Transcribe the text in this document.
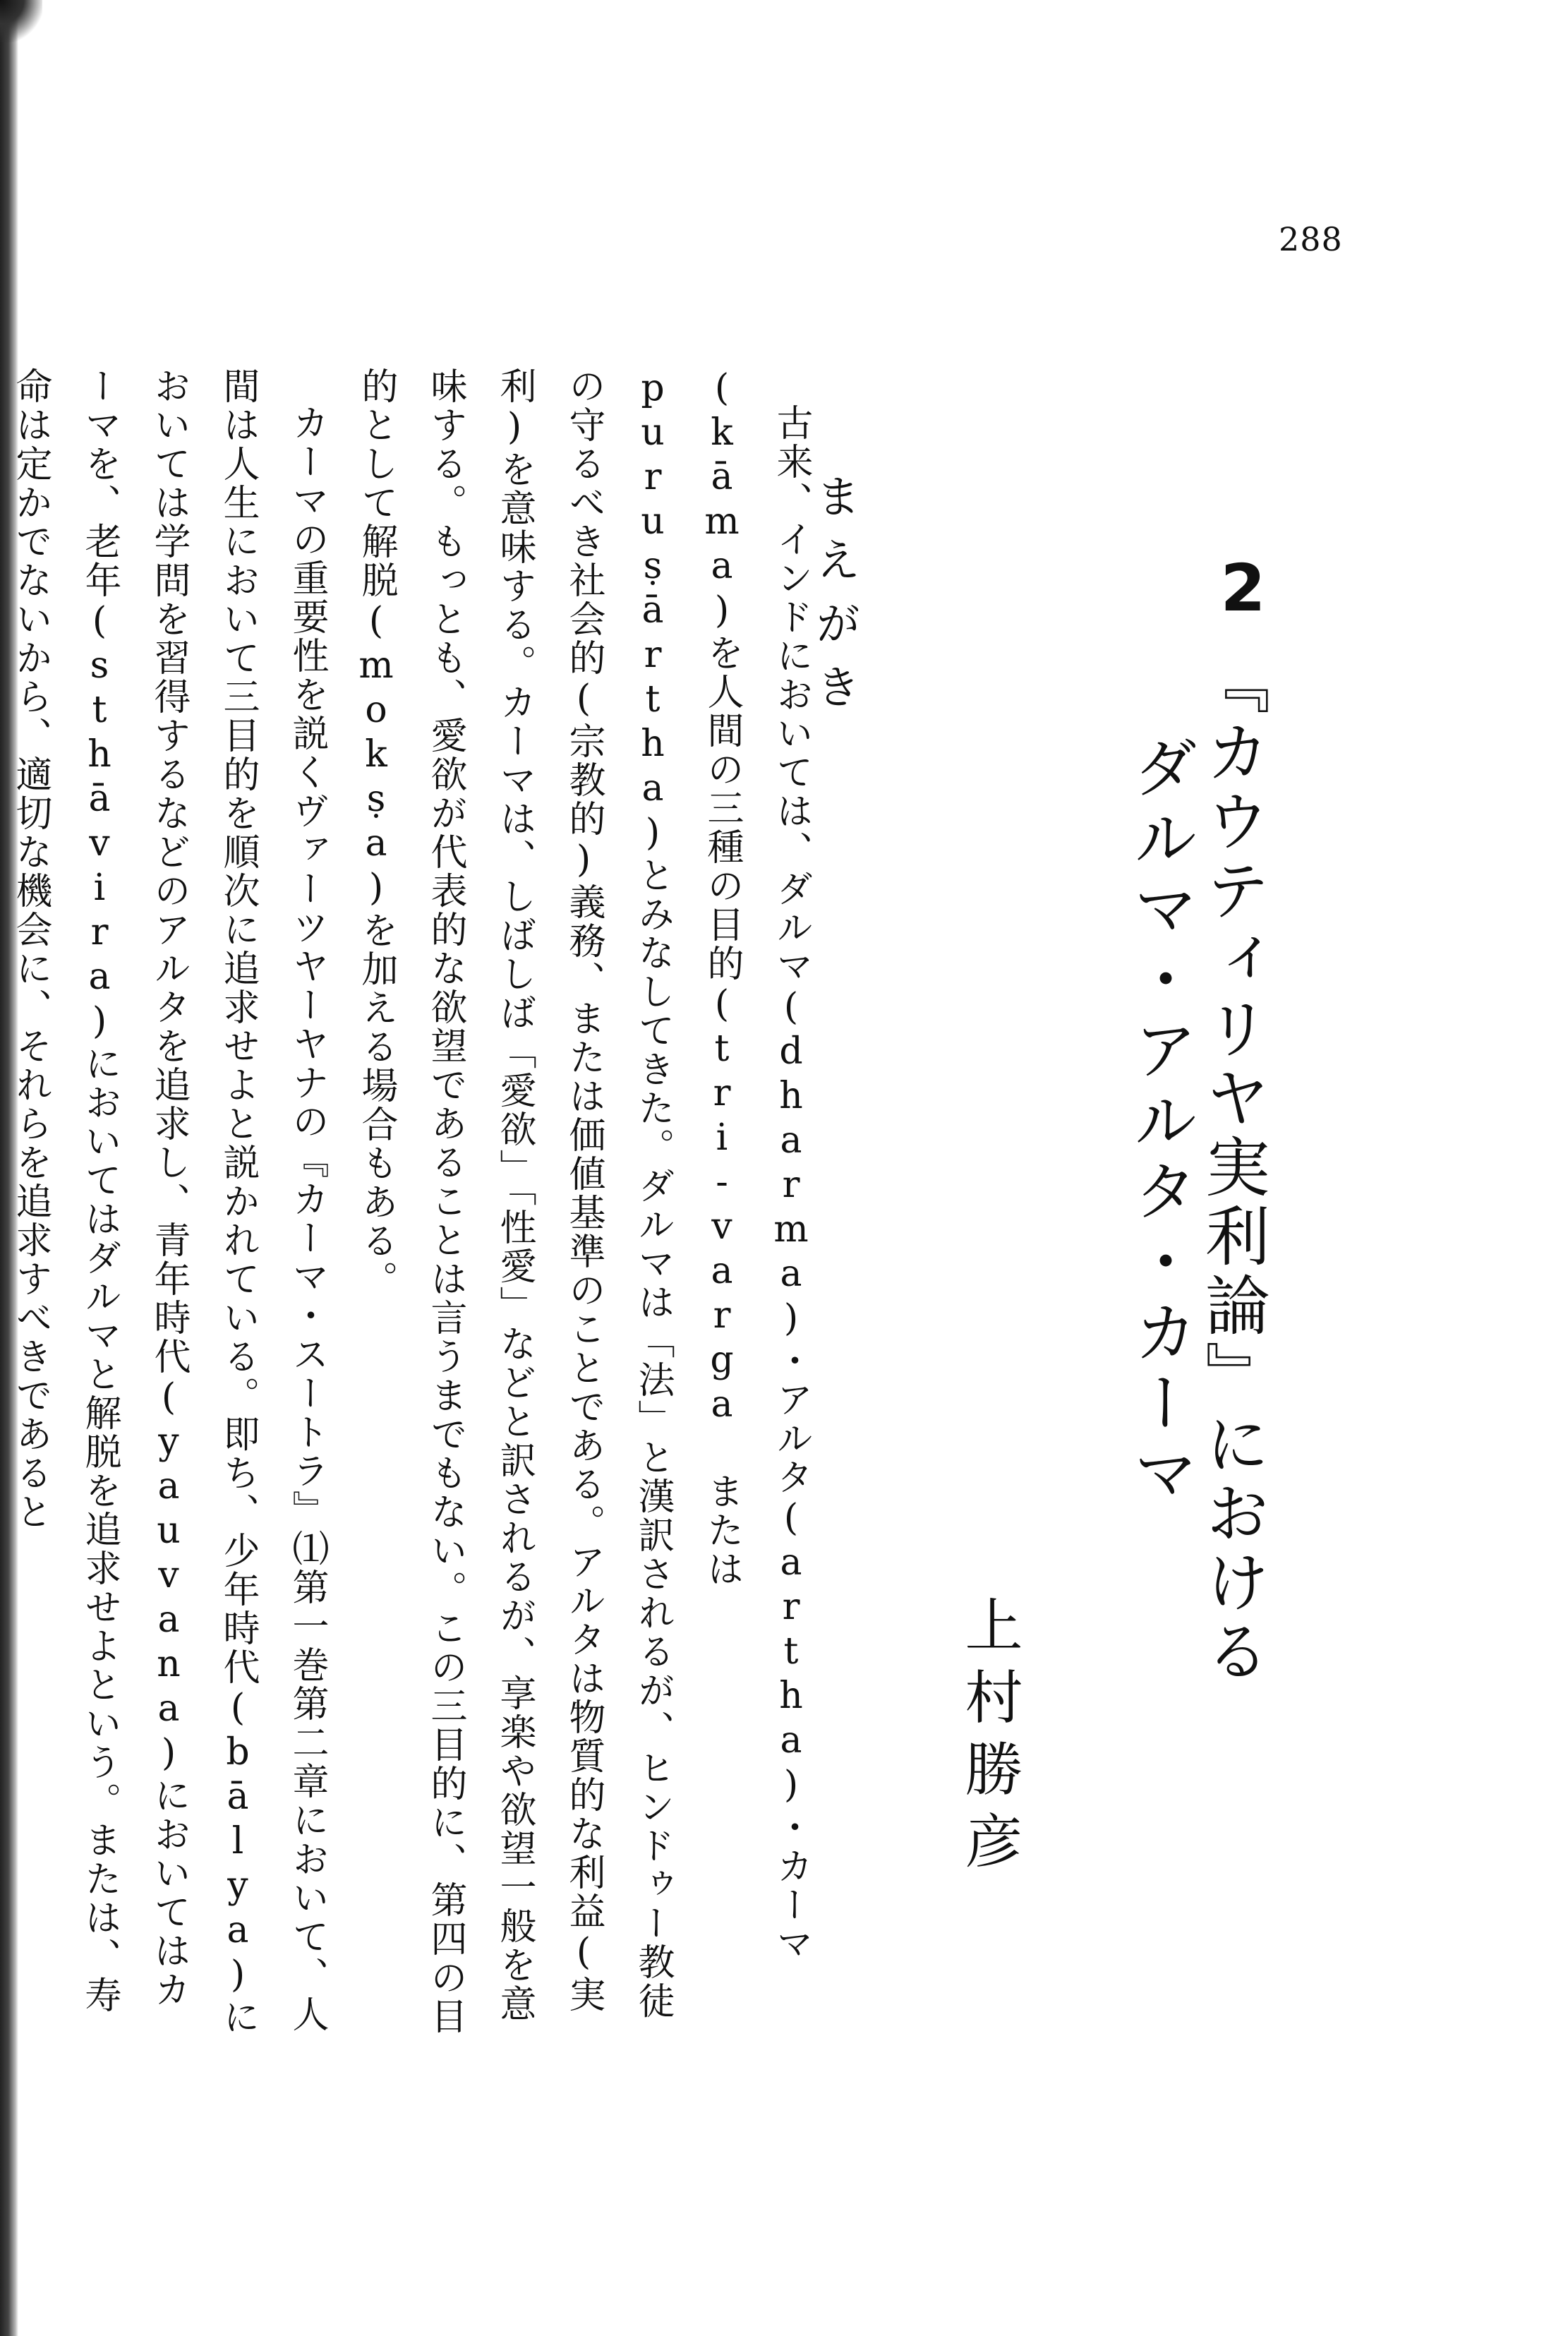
288
2
『カウティリヤ実利論』における
ダルマ・アルタ・カーマ
上村勝彦
まえがき

古来、インドにおいては、ダルマ(dharma)・アルタ(artha)・カーマ(kāma)を人間の三種の目的(tri-varga または puruṣārtha)とみなしてきた。ダルマは「法」と漢訳されるが、ヒンドゥー教徒の守るべき社会的(宗教的)義務、または価値基準のことである。アルタは物質的な利益(実利)を意味する。カーマは、しばしば「愛欲」「性愛」などと訳されるが、享楽や欲望一般を意味する。もっとも、愛欲が代表的な欲望であることは言うまでもない。この三目的に、第四の目的として解脱(mokṣa)を加える場合もある。

カーマの重要性を説くヴァーツヤーヤナの『カーマ・スートラ』⑴第一巻第二章において、人間は人生において三目的を順次に追求せよと説かれている。即ち、少年時代(bālya)においては学問を習得するなどのアルタを追求し、青年時代(yauvana)においてはカーマを、老年(sthāvira)においてはダルマと解脱を追求せよという。または、寿命は定かでないから、適切な機会に、それらを追求すべきであると
